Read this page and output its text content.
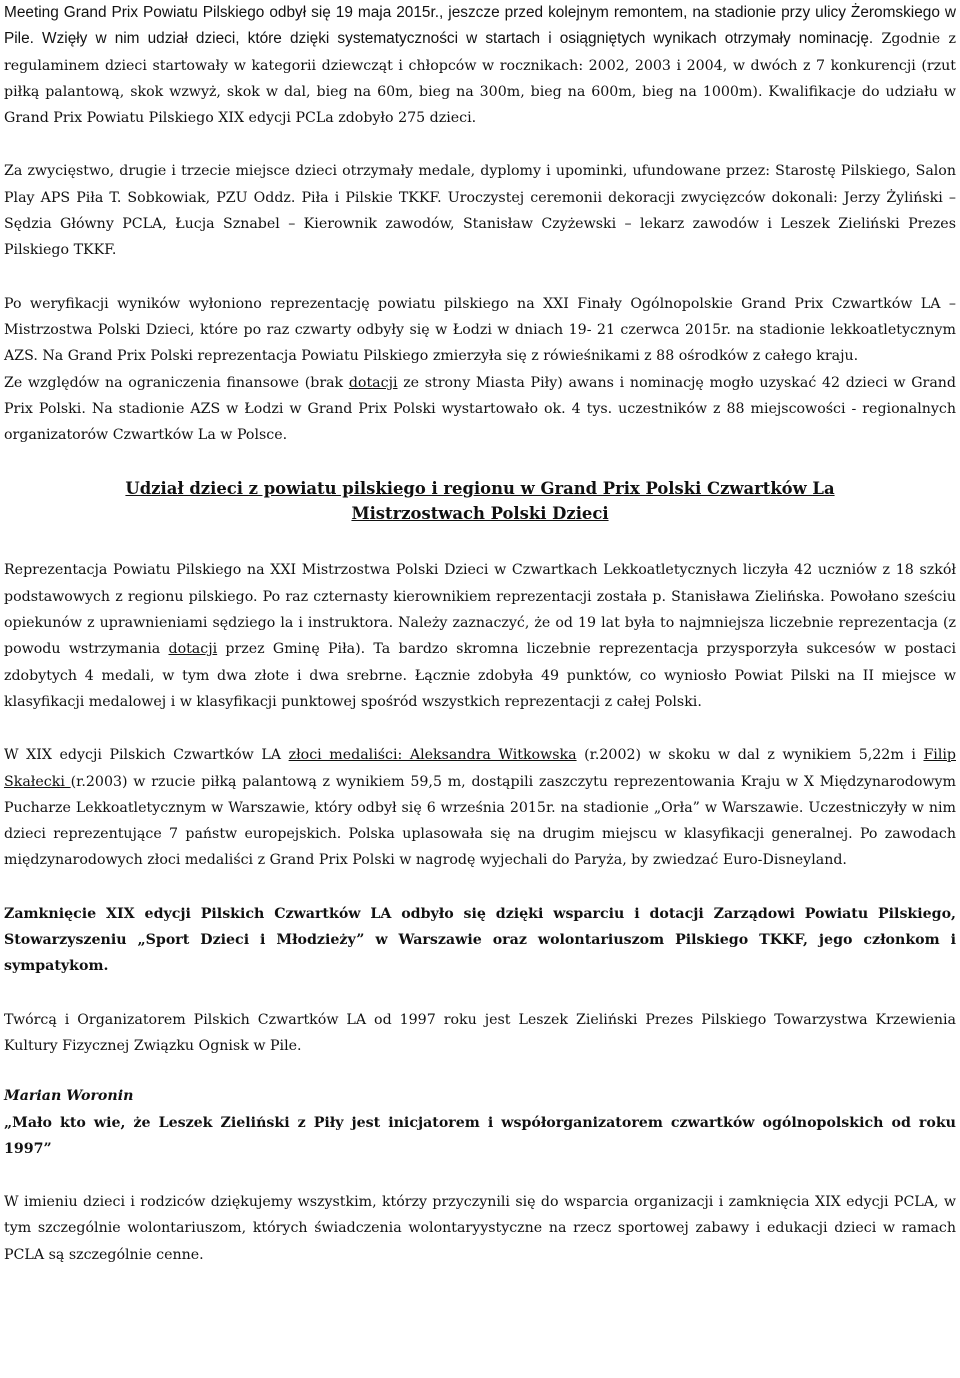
Meeting Grand Prix Powiatu Pilskiego odbył się 19 maja 2015r., jeszcze przed kolejnym remontem, na stadionie przy ulicy Żeromskiego w Pile. Wzięły w nim udział dzieci, które dzięki systematyczności w startach i osiągniętych wynikach otrzymały nominację. Zgodnie z regulaminem dzieci startowały w kategorii dziewcząt i chłopców w rocznikach: 2002, 2003 i 2004, w dwóch z 7 konkurencji (rzut piłką palantową, skok wzwyż, skok w dal, bieg na 60m, bieg na 300m, bieg na 600m, bieg na 1000m). Kwalifikacje do udziału w Grand Prix Powiatu Pilskiego XIX edycji PCLa zdobyło 275 dzieci.

Za zwycięstwo, drugie i trzecie miejsce dzieci otrzymały medale, dyplomy i upominki, ufundowane przez: Starostę Pilskiego, Salon Play APS Piła T. Sobkowiak, PZU Oddz. Piła i Pilskie TKKF. Uroczystej ceremonii dekoracji zwycięzców dokonali: Jerzy Żyliński – Sędzia Główny PCLA, Łucja Sznabel – Kierownik zawodów, Stanisław Czyżewski – lekarz zawodów i Leszek Zieliński Prezes Pilskiego TKKF.

Po weryfikacji wyników wyłoniono reprezentację powiatu pilskiego na XXI Finały Ogólnopolskie Grand Prix Czwartków LA – Mistrzostwa Polski Dzieci, które po raz czwarty odbyły się w Łodzi w dniach 19- 21 czerwca 2015r. na stadionie lekkoatletycznym AZS. Na Grand Prix Polski reprezentacja Powiatu Pilskiego zmierzyła się z rówieśnikami z 88 ośrodków z całego kraju.

Ze względów na ograniczenia finansowe (brak dotacji ze strony Miasta Piły) awans i nominację mogło uzyskać 42 dzieci w Grand Prix Polski. Na stadionie AZS w Łodzi w Grand Prix Polski wystartowało ok. 4 tys. uczestników z 88 miejscowości - regionalnych organizatorów Czwartków La w Polsce.

Udział dzieci z powiatu pilskiego i regionu w Grand Prix Polski Czwartków La
Mistrzostwach Polski Dzieci

Reprezentacja Powiatu Pilskiego na XXI Mistrzostwa Polski Dzieci w Czwartkach Lekkoatletycznych liczyła 42 uczniów z 18 szkół podstawowych z regionu pilskiego. Po raz czternasty kierownikiem reprezentacji została p. Stanisława Zielińska. Powołano sześciu opiekunów z uprawnieniami sędziego la i instruktora. Należy zaznaczyć, że od 19 lat była to najmniejsza liczebnie reprezentacja (z powodu wstrzymania dotacji przez Gminę Piła). Ta bardzo skromna liczebnie reprezentacja przysporzyła sukcesów w postaci zdobytych 4 medali, w tym dwa złote i dwa srebrne. Łącznie zdobyła 49 punktów, co wyniosło Powiat Pilski na II miejsce w klasyfikacji medalowej i w klasyfikacji punktowej spośród wszystkich reprezentacji z całej Polski.

W XIX edycji Pilskich Czwartków LA złoci medaliści: Aleksandra Witkowska (r.2002) w skoku w dal z wynikiem 5,22m i Filip Skałecki (r.2003) w rzucie piłką palantową z wynikiem 59,5 m, dostąpili zaszczytu reprezentowania Kraju w X Międzynarodowym Pucharze Lekkoatletycznym w Warszawie, który odbył się 6 września 2015r. na stadionie „Orła” w Warszawie. Uczestniczyły w nim dzieci reprezentujące 7 państw europejskich. Polska uplasowała się na drugim miejscu w klasyfikacji generalnej. Po zawodach międzynarodowych złoci medaliści z Grand Prix Polski w nagrodę wyjechali do Paryża, by zwiedzać Euro-Disneyland.

Zamknięcie XIX edycji Pilskich Czwartków LA odbyło się dzięki wsparciu i dotacji Zarządowi Powiatu Pilskiego, Stowarzyszeniu „Sport Dzieci i Młodzieży” w Warszawie oraz wolontariuszom Pilskiego TKKF, jego członkom i sympatykom.

Twórcą i Organizatorem Pilskich Czwartków LA od 1997 roku jest Leszek Zieliński Prezes Pilskiego Towarzystwa Krzewienia Kultury Fizycznej Związku Ognisk w Pile.

Marian Woronin

„Mało kto wie, że Leszek Zieliński z Piły jest inicjatorem i współorganizatorem czwartków ogólnopolskich od roku 1997”

W imieniu dzieci i rodziców dziękujemy wszystkim, którzy przyczynili się do wsparcia organizacji i zamknięcia XIX edycji PCLA, w tym szczególnie wolontariuszom, których świadczenia wolontaryystyczne na rzecz sportowej zabawy i edukacji dzieci w ramach PCLA są szczególnie cenne.
